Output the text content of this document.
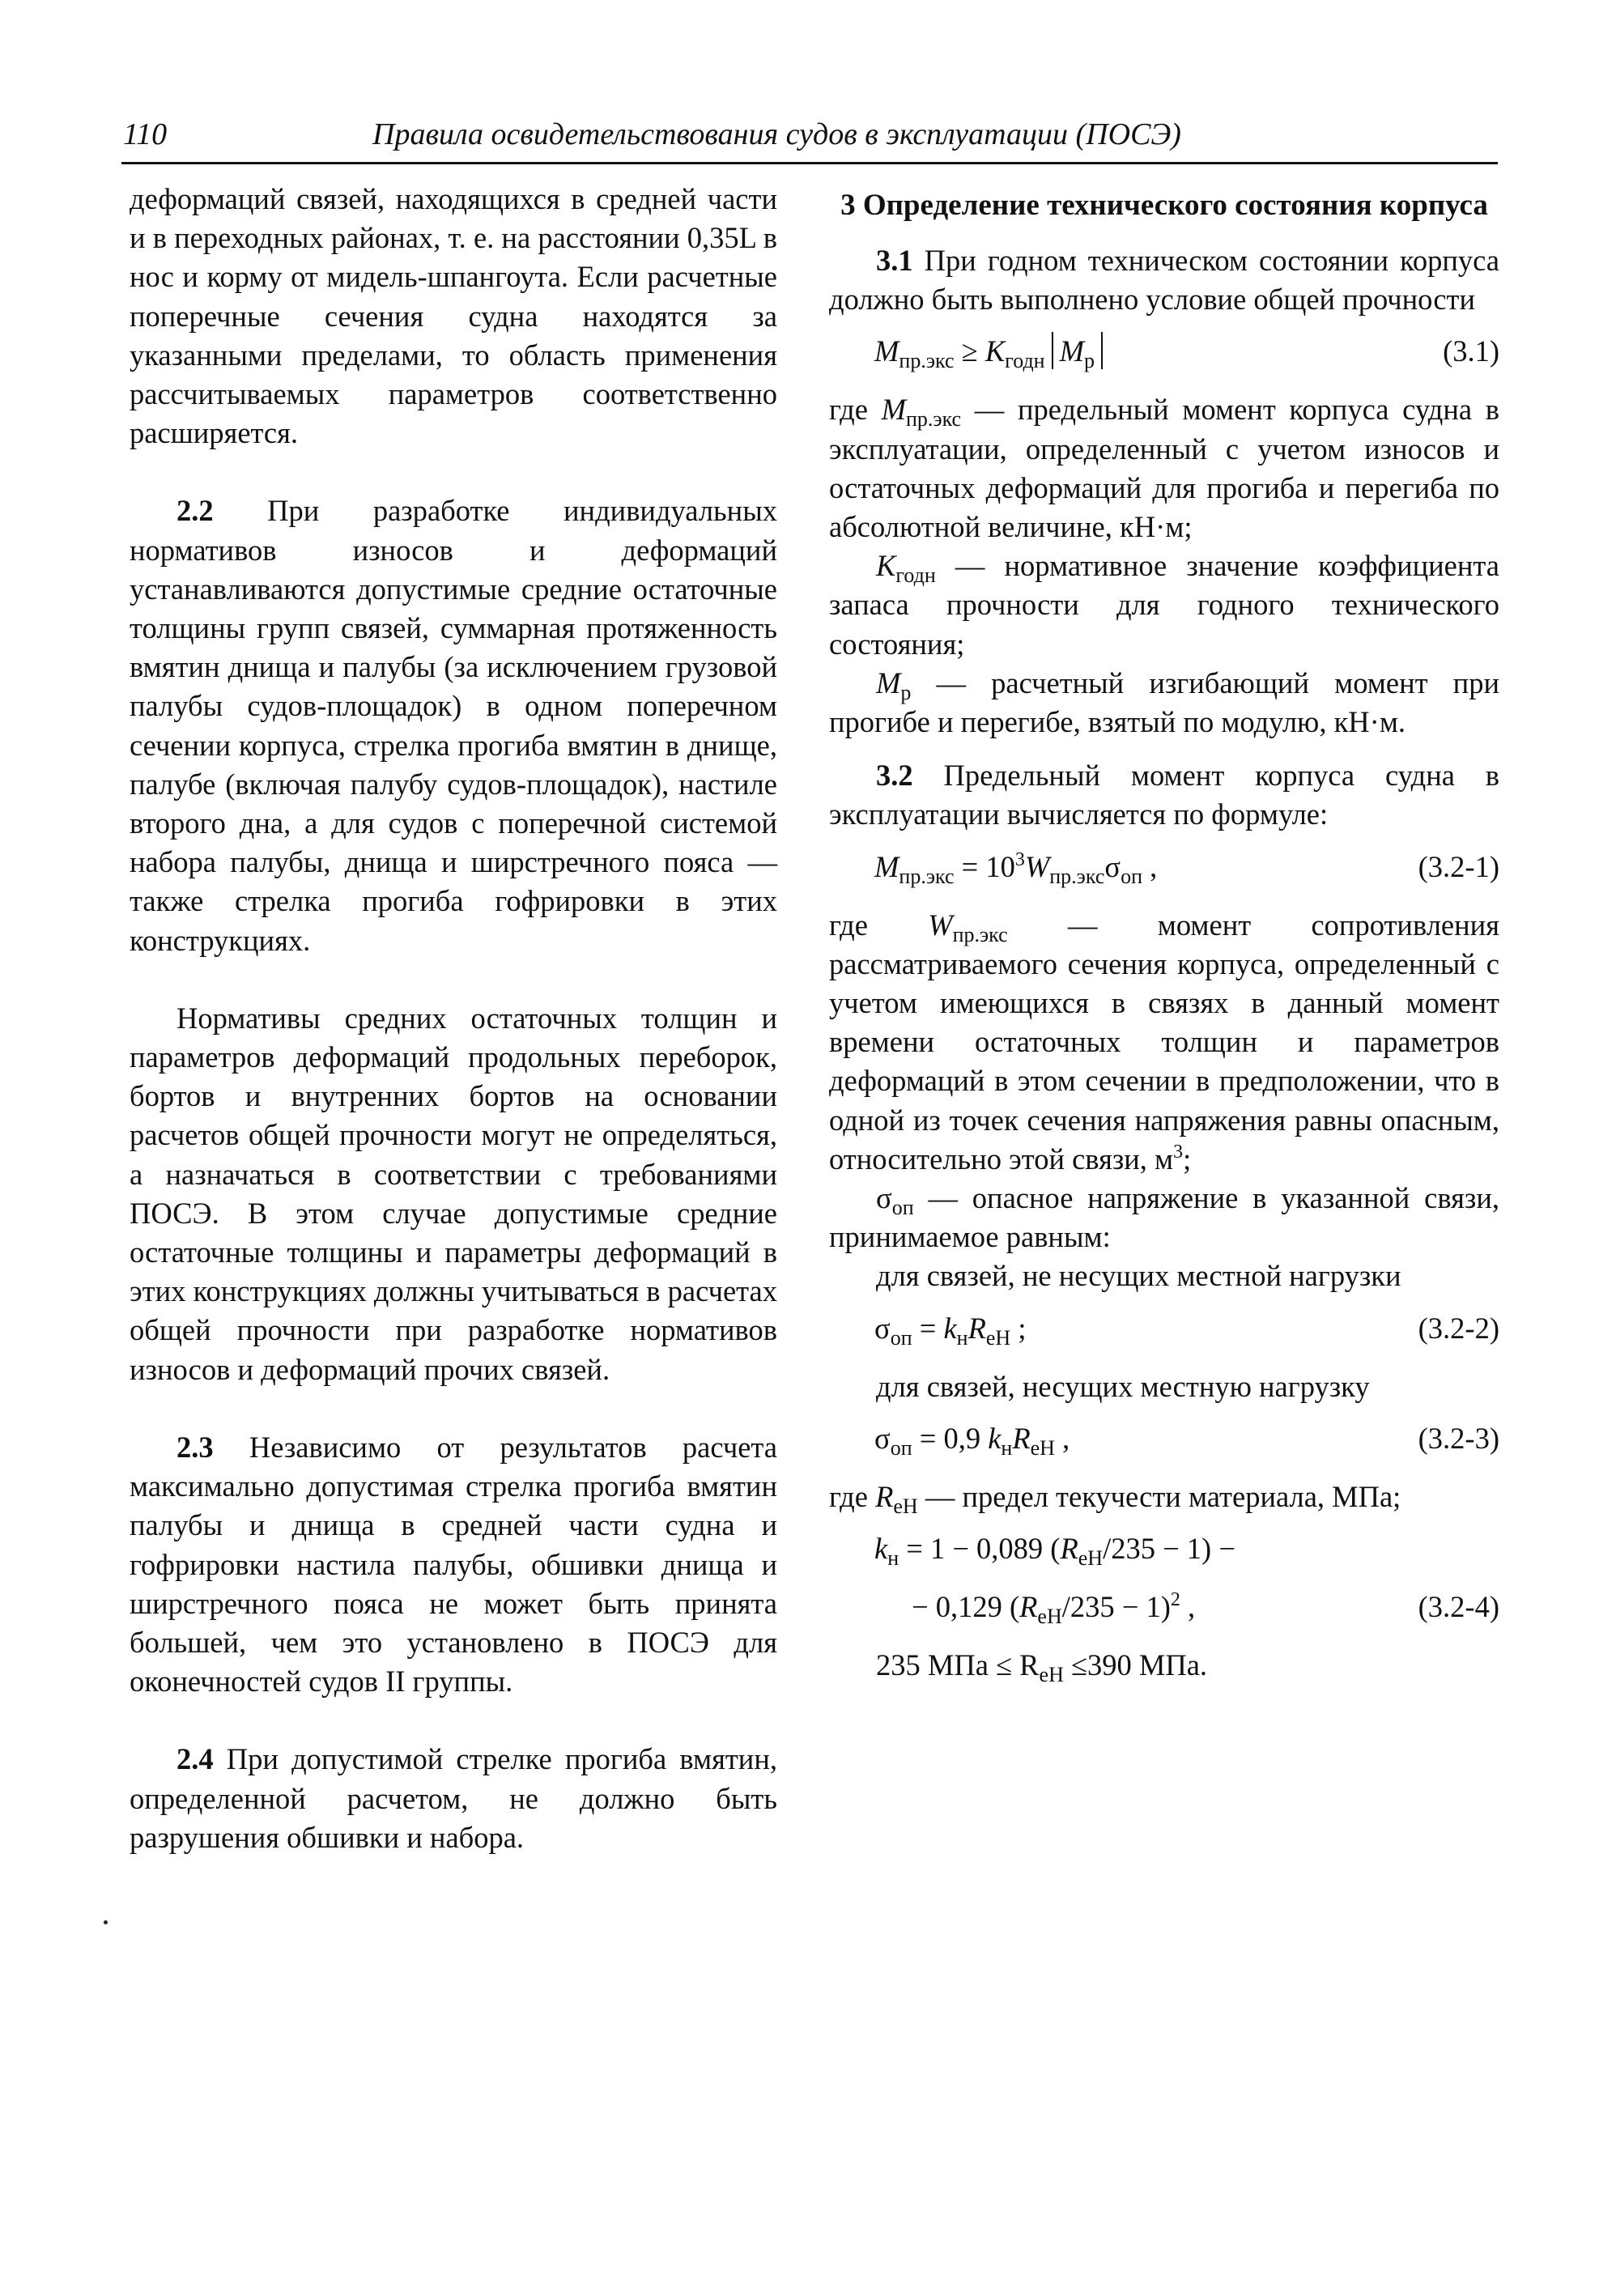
110	Правила освидетельствования судов в эксплуатации (ПОСЭ)

деформаций связей, находящихся в средней части и в переходных районах, т. е. на расстоянии 0,35L в нос и корму от мидель-шпангоута. Если расчетные поперечные сечения судна находятся за указанными пределами, то область применения рассчитываемых параметров соответственно расширяется.

2.2 При разработке индивидуальных нормативов износов и деформаций устанавливаются допустимые средние остаточные толщины групп связей, суммарная протяженность вмятин днища и палубы (за исключением грузовой палубы судов-площадок) в одном поперечном сечении корпуса, стрелка прогиба вмятин в днище, палубе (включая палубу судов-площадок), настиле второго дна, а для судов с поперечной системой набора палубы, днища и ширстречного пояса — также стрелка прогиба гофрировки в этих конструкциях.

Нормативы средних остаточных толщин и параметров деформаций продольных переборок, бортов и внутренних бортов на основании расчетов общей прочности могут не определяться, а назначаться в соответствии с требованиями ПОСЭ. В этом случае допустимые средние остаточные толщины и параметры деформаций в этих конструкциях должны учитываться в расчетах общей прочности при разработке нормативов износов и деформаций прочих связей.

2.3 Независимо от результатов расчета максимально допустимая стрелка прогиба вмятин палубы и днища в средней части судна и гофрировки настила палубы, обшивки днища и ширстречного пояса не может быть принята большей, чем это установлено в ПОСЭ для оконечностей судов II группы.

2.4 При допустимой стрелке прогиба вмятин, определенной расчетом, не должно быть разрушения обшивки и набора.

3 Определение технического состояния корпуса

3.1 При годном техническом состоянии корпуса должно быть выполнено условие общей прочности

$M_{пр.экс} \ge K_{годн}$ $M_р$	(3.1)

где $M_{пр.экс}$ — предельный момент корпуса судна в эксплуатации, определенный с учетом износов и остаточных деформаций для прогиба и перегиба по абсолютной величине, кН·м;

$K_{годн}$ — нормативное значение коэффициента запаса прочности для годного технического состояния;

$M_р$ — расчетный изгибающий момент при прогибе и перегибе, взятый по модулю, кН·м.

3.2 Предельный момент корпуса судна в эксплуатации вычисляется по формуле:

$M_{пр.экс} = 10^3W_{пр.экс}\sigma_{оп}$ ,	(3.2-1)

где $W_{пр.экс}$ — момент сопротивления рассматриваемого сечения корпуса, определенный с учетом имеющихся в связях в данный момент времени остаточных толщин и параметров деформаций в этом сечении в предположении, что в одной из точек сечения напряжения равны опасным, относительно этой связи, $м^3$;

$\sigma_{оп}$ — опасное напряжение в указанной связи, принимаемое равным:

для связей, не несущих местной нагрузки

$\sigma_{оп} = k_нR_{еН}$ ;	(3.2-2)

для связей, несущих местную нагрузку

$\sigma_{оп} = 0,9$ $k_нR_{еН}$ ,	(3.2-3)

где $R_{еН}$ — предел текучести материала, МПа;

$k_н = 1 - 0,089$ $(R_{еН}/235 - 1)$ −
− 0,129 $(R_{еН}/235 - 1)^2$ ,	(3.2-4)

235 МПа ≤ $R_{еН} \le 390$ МПа.
